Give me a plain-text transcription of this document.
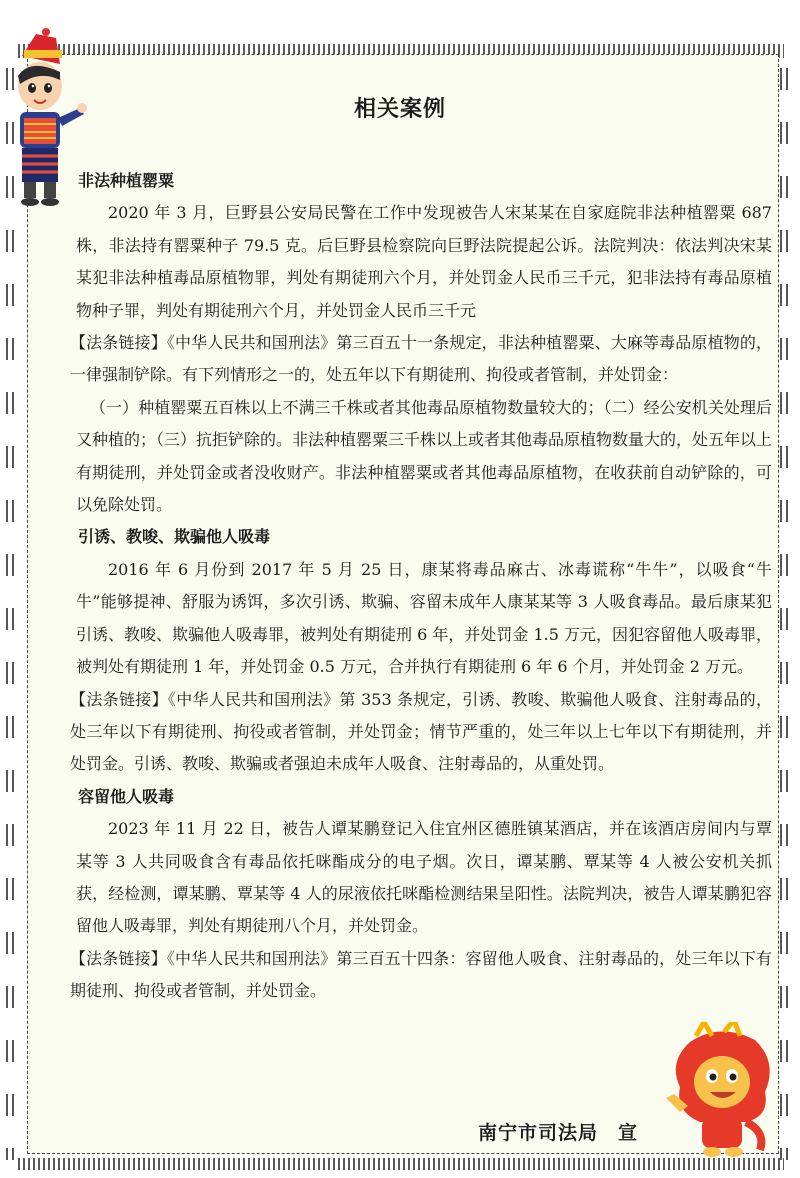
相关案例

非法种植罂粟

2020 年 3 月，巨野县公安局民警在工作中发现被告人宋某某在自家庭院非法种植罂粟 687 株，非法持有罂粟种子 79.5 克。后巨野县检察院向巨野法院提起公诉。法院判决：依法判决宋某某犯非法种植毒品原植物罪，判处有期徒刑六个月，并处罚金人民币三千元，犯非法持有毒品原植物种子罪，判处有期徒刑六个月，并处罚金人民币三千元

【法条链接】《中华人民共和国刑法》第三百五十一条规定，非法种植罂粟、大麻等毒品原植物的，一律强制铲除。有下列情形之一的，处五年以下有期徒刑、拘役或者管制，并处罚金：

（一）种植罂粟五百株以上不满三千株或者其他毒品原植物数量较大的；（二）经公安机关处理后又种植的；（三）抗拒铲除的。非法种植罂粟三千株以上或者其他毒品原植物数量大的，处五年以上有期徒刑，并处罚金或者没收财产。非法种植罂粟或者其他毒品原植物，在收获前自动铲除的，可以免除处罚。

引诱、教唆、欺骗他人吸毒

2016 年 6 月份到 2017 年 5 月 25 日，康某将毒品麻古、冰毒谎称“牛牛”，以吸食“牛牛”能够提神、舒服为诱饵，多次引诱、欺骗、容留未成年人康某某等 3 人吸食毒品。最后康某犯引诱、教唆、欺骗他人吸毒罪，被判处有期徒刑 6 年，并处罚金 1.5 万元，因犯容留他人吸毒罪，被判处有期徒刑 1 年，并处罚金 0.5 万元，合并执行有期徒刑 6 年 6 个月，并处罚金 2 万元。

【法条链接】《中华人民共和国刑法》第 353 条规定，引诱、教唆、欺骗他人吸食、注射毒品的，处三年以下有期徒刑、拘役或者管制，并处罚金；情节严重的，处三年以上七年以下有期徒刑，并处罚金。引诱、教唆、欺骗或者强迫未成年人吸食、注射毒品的，从重处罚。

容留他人吸毒

2023 年 11 月 22 日，被告人谭某鹏登记入住宜州区德胜镇某酒店，并在该酒店房间内与覃某等 3 人共同吸食含有毒品依托咪酯成分的电子烟。次日，谭某鹏、覃某等 4 人被公安机关抓获，经检测，谭某鹏、覃某等 4 人的尿液依托咪酯检测结果呈阳性。法院判决，被告人谭某鹏犯容留他人吸毒罪，判处有期徒刑八个月，并处罚金。

【法条链接】《中华人民共和国刑法》第三百五十四条：容留他人吸食、注射毒品的，处三年以下有期徒刑、拘役或者管制，并处罚金。

南宁市司法局　宣
